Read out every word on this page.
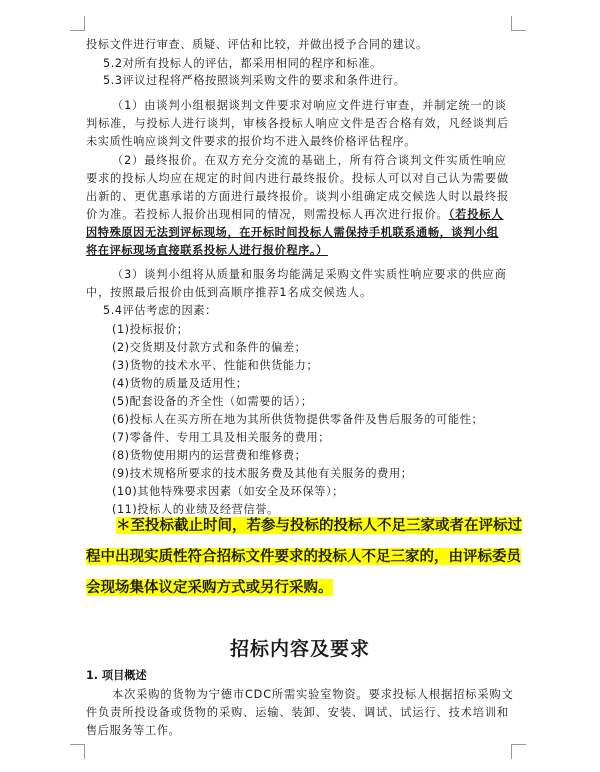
投标文件进行审查、质疑、评估和比较，并做出授予合同的建议。
5.2对所有投标人的评估，都采用相同的程序和标准。
5.3评议过程将严格按照谈判采购文件的要求和条件进行。
（1）由谈判小组根据谈判文件要求对响应文件进行审查，并制定统一的谈
判标准，与投标人进行谈判，审核各投标人响应文件是否合格有效，凡经谈判后
未实质性响应谈判文件要求的报价均不进入最终价格评估程序。
（2）最终报价。在双方充分交流的基础上，所有符合谈判文件实质性响应
要求的投标人均应在规定的时间内进行最终报价。投标人可以对自己认为需要做
出新的、更优惠承诺的方面进行最终报价。谈判小组确定成交候选人时以最终报
价为准。若投标人报价出现相同的情况，则需投标人再次进行报价。（若投标人
因特殊原因无法到评标现场，在开标时间投标人需保持手机联系通畅，谈判小组
将在评标现场直接联系投标人进行报价程序。）
（3）谈判小组将从质量和服务均能满足采购文件实质性响应要求的供应商
中，按照最后报价由低到高顺序推荐1名成交候选人。
5.4评估考虑的因素：
(1)投标报价；
(2)交货期及付款方式和条件的偏差；
(3)货物的技术水平、性能和供货能力；
(4)货物的质量及适用性；
(5)配套设备的齐全性（如需要的话）；
(6)投标人在买方所在地为其所供货物提供零备件及售后服务的可能性；
(7)零备件、专用工具及相关服务的费用；
(8)货物使用期内的运营费和维修费；
(9)技术规格所要求的技术服务费及其他有关服务的费用；
(10)其他特殊要求因素（如安全及环保等）；
(11)投标人的业绩及经营信誉。
＊至投标截止时间，若参与投标的投标人不足三家或者在评标过
程中出现实质性符合招标文件要求的投标人不足三家的，由评标委员
会现场集体议定采购方式或另行采购。
招标内容及要求
1. 项目概述
本次采购的货物为宁德市CDC所需实验室物资。要求投标人根据招标采购文
件负责所投设备或货物的采购、运输、装卸、安装、调试、试运行、技术培训和
售后服务等工作。
